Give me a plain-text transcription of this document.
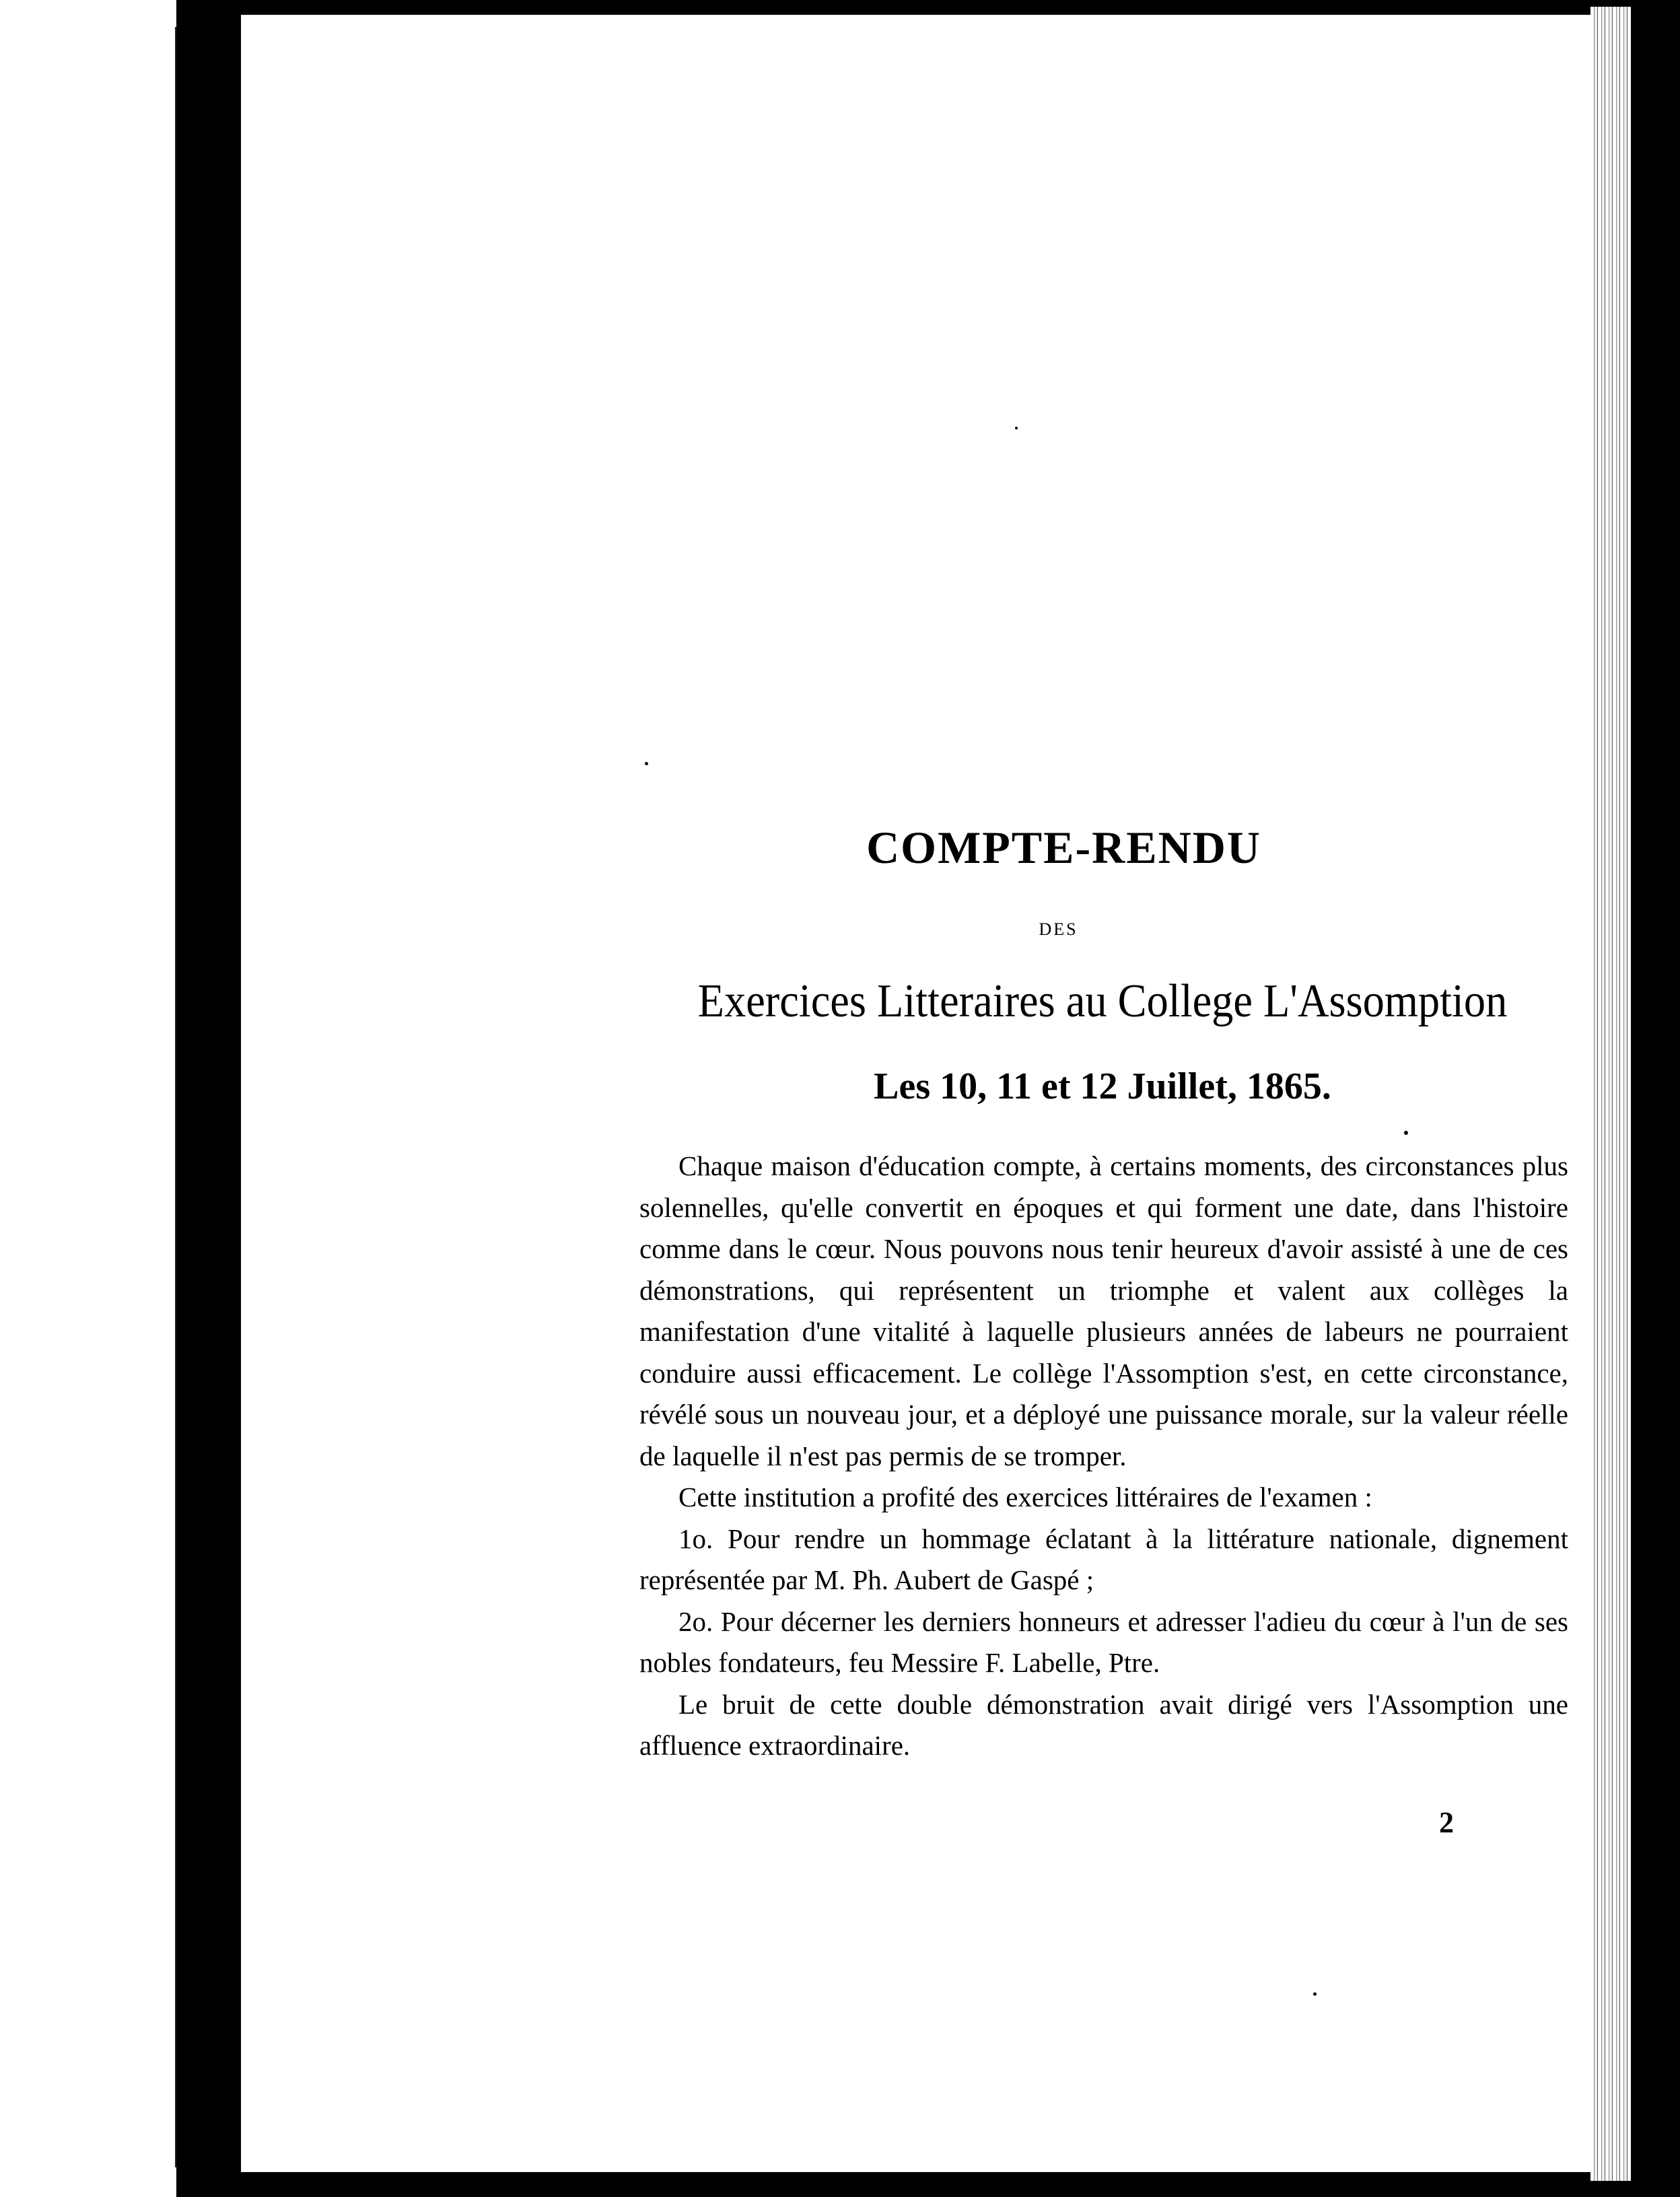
COMPTE-RENDU
DES
Exercices Litteraires au College L'Assomption
Les 10, 11 et 12 Juillet, 1865.

Chaque maison d'éducation compte, à certains moments, des circonstances plus solennelles, qu'elle convertit en époques et qui forment une date, dans l'histoire comme dans le cœur. Nous pouvons nous tenir heureux d'avoir assisté à une de ces démonstrations, qui représentent un triomphe et valent aux collèges la manifestation d'une vitalité à laquelle plusieurs années de labeurs ne pourraient conduire aussi efficacement. Le collège l'Assomption s'est, en cette circonstance, révélé sous un nouveau jour, et a déployé une puissance morale, sur la valeur réelle de laquelle il n'est pas permis de se tromper.

Cette institution a profité des exercices littéraires de l'examen :

1o. Pour rendre un hommage éclatant à la littérature nationale, dignement représentée par M. Ph. Aubert de Gaspé ;

2o. Pour décerner les derniers honneurs et adresser l'adieu du cœur à l'un de ses nobles fondateurs, feu Messire F. Labelle, Ptre.

Le bruit de cette double démonstration avait dirigé vers l'Assomption une affluence extraordinaire.

2
